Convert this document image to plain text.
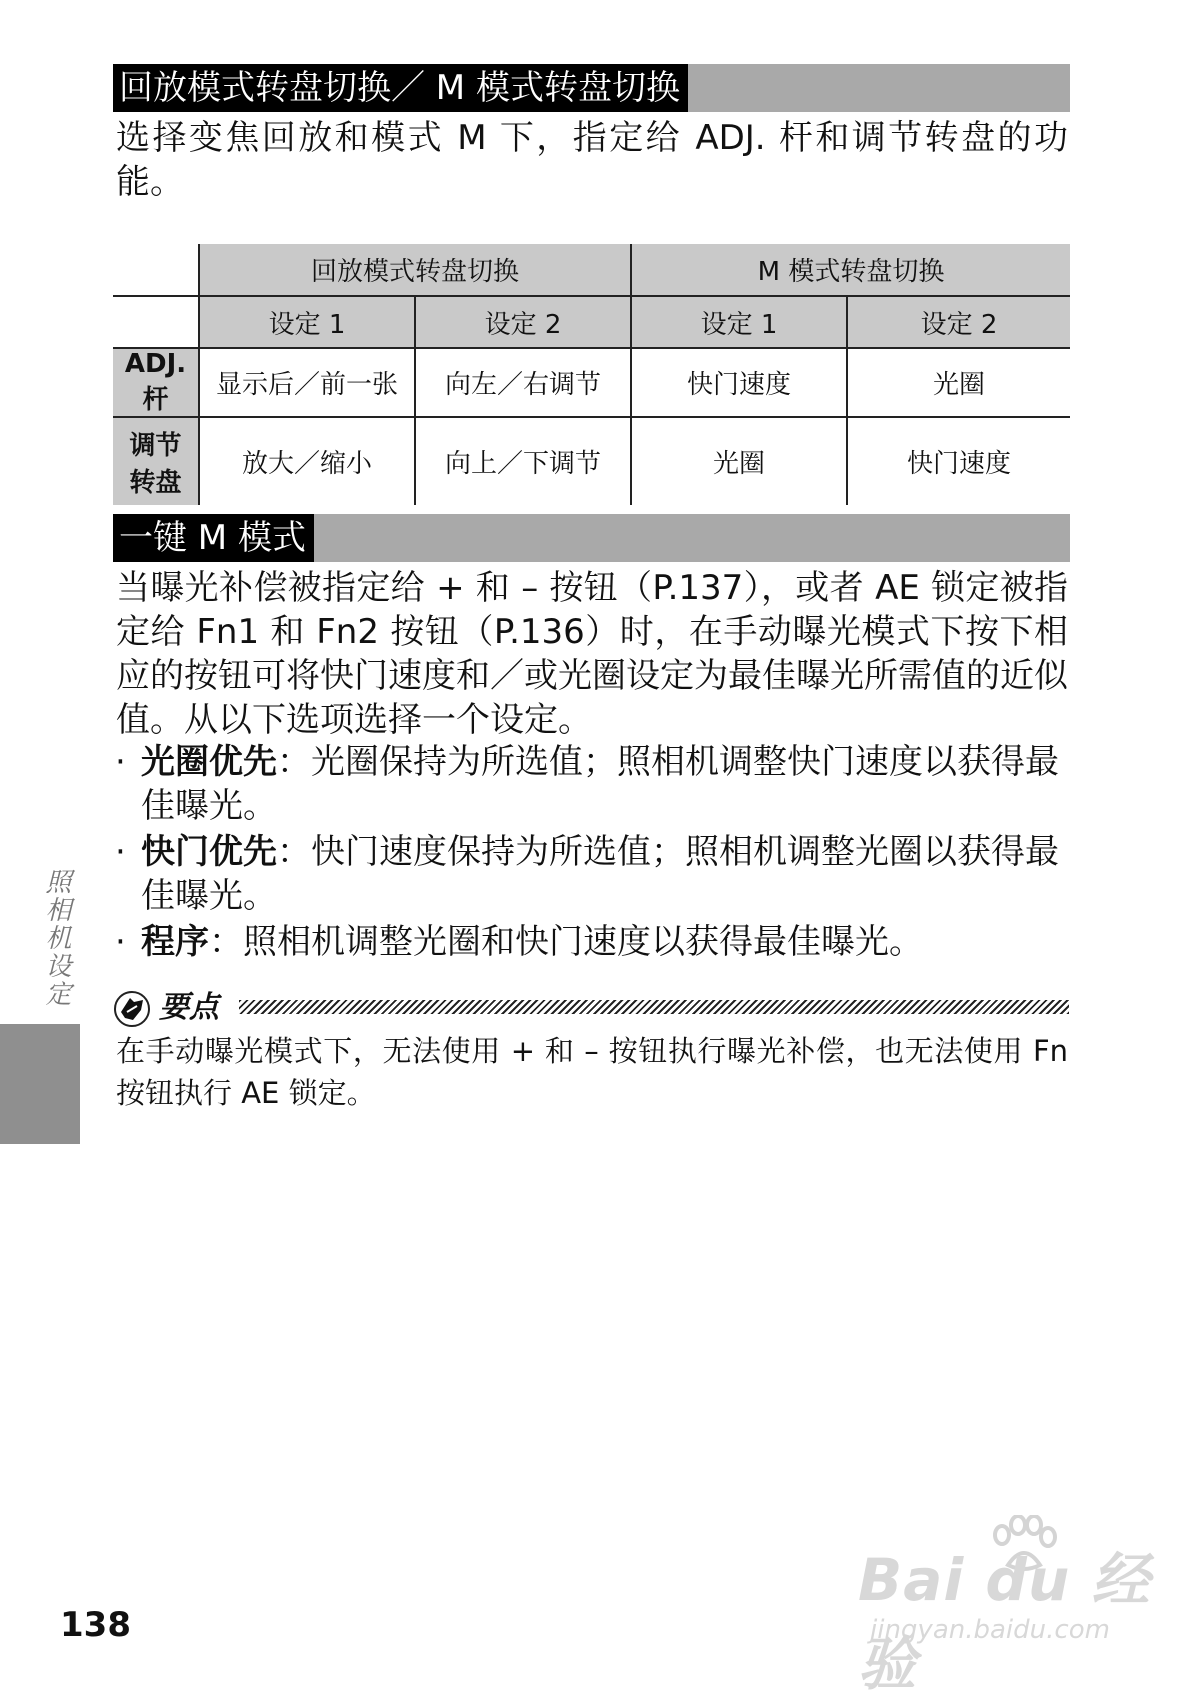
回放模式转盘切换／ M 模式转盘切换

选择变焦回放和模式 M 下，指定给 ADJ. 杆和调节转盘的功能。

	回放模式转盘切换		M 模式转盘切换	
	设定 1	设定 2	设定 1	设定 2
ADJ. 杆	显示后／前一张	向左／右调节	快门速度	光圈

调节
转盘	放大／缩小	向上／下调节	光圈	快门速度
一键 M 模式

当曝光补偿被指定给 + 和 – 按钮（P.137），或者 AE 锁定被指定给 Fn1 和 Fn2 按钮（P.136）时，在手动曝光模式下按下相应的按钮可将快门速度和／或光圈设定为最佳曝光所需值的近似值。从以下选项选择一个设定。

· 光圈优先：光圈保持为所选值；照相机调整快门速度以获得最佳曝光。
· 快门优先：快门速度保持为所选值；照相机调整光圈以获得最佳曝光。
· 程序：照相机调整光圈和快门速度以获得最佳曝光。
要点

在手动曝光模式下，无法使用 + 和 – 按钮执行曝光补偿，也无法使用 Fn 按钮执行 AE 锁定。

照相机设定
138
Bai du 经验
jingyan.baidu.com
